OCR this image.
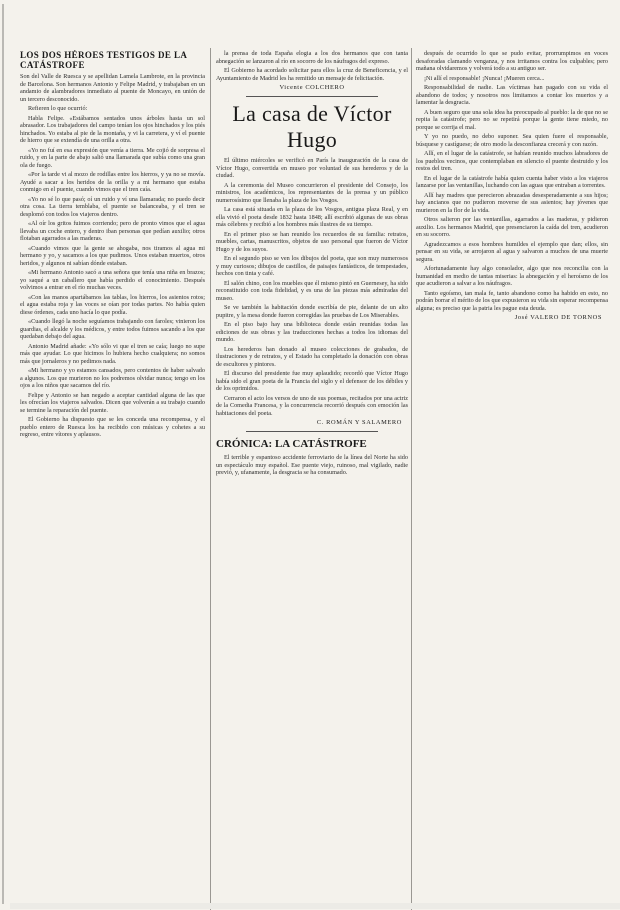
LOS DOS HÉROES TESTIGOS DE LA CATÁSTROFE

Son del Valle de Ruesca y se apellidan Lamela Lambrote, en la provincia de Barcelona. Son hermanos Antonio y Felipe Madrid, y trabajaban en un andamio de alambradores inmediato al puente de Moncayo, en unión de un tercero desconocido.

Refieren lo que ocurrió:

Habla Felipe. «Estábamos sentados unos árboles hasta un sol abrasador. Los trabajadores del campo tenían los ojos hinchados y los piés hinchados. Yo estaba al pie de la montaña, y vi la carretera, y ví el puente de hierro que se extendía de una orilla a otra.

«Yo no fuí en esa expresión que venía a tierra. Me cojió de sorpresa el ruido, y en la parte de abajo salió una llamarada que subía como una gran ola de fuego.

«Por la tarde vi al mozo de rodillas entre los hierros, y ya no se movía. Ayudé a sacar a los heridos de la orilla y a mi hermano que estaba conmigo en el puente, cuando vimos que el tren caía.

«Yo no sé lo que pasó; oí un ruido y ví una llamarada; no puedo decir otra cosa. La tierra temblaba, el puente se balanceaba, y el tren se desplomó con todos los viajeros dentro.

«Al oír los gritos fuimos corriendo; pero de pronto vimos que el agua llevaba un coche entero, y dentro iban personas que pedían auxilio; otros flotaban agarrados a las maderas.

«Cuando vimos que la gente se ahogaba, nos tiramos al agua mi hermano y yo, y sacamos a los que pudimos. Unos estaban muertos, otros heridos, y algunos ni sabían dónde estaban.

«Mi hermano Antonio sacó a una señora que tenía una niña en brazos; yo saqué a un caballero que había perdido el conocimiento. Después volvimos a entrar en el río muchas veces.

«Con las manos apartábamos las tablas, los hierros, los asientos rotos; el agua estaba roja y las voces se oían por todas partes. No había quien diese órdenes, cada uno hacía lo que podía.

«Cuando llegó la noche seguíamos trabajando con faroles; vinieron los guardias, el alcalde y los médicos, y entre todos fuimos sacando a los que quedaban debajo del agua.

Antonio Madrid añade: «Yo sólo vi que el tren se caía; luego no supe más que ayudar. Lo que hicimos lo hubiera hecho cualquiera; no somos más que jornaleros y no pedimos nada.

«Mi hermano y yo estamos cansados, pero contentos de haber salvado a algunos. Los que murieron no los podremos olvidar nunca; tengo en los ojos a los niños que sacamos del río.

Felipe y Antonio se han negado a aceptar cantidad alguna de las que les ofrecían los viajeros salvados. Dicen que volverán a su trabajo cuando se termine la reparación del puente.

El Gobierno ha dispuesto que se les conceda una recompensa, y el pueblo entero de Ruesca los ha recibido con músicas y cohetes a su regreso, entre vítores y aplausos.

la prensa de toda España elogia a los dos hermanos que con tanta abnegación se lanzaron al río en socorro de los náufragos del expreso.

El Gobierno ha acordado solicitar para ellos la cruz de Beneficencia, y el Ayuntamiento de Madrid les ha remitido un mensaje de felicitación.

Vicente COLCHERO
La casa de Víctor Hugo

El último miércoles se verificó en París la inauguración de la casa de Víctor Hugo, convertida en museo por voluntad de sus herederos y de la ciudad.

A la ceremonia del Museo concurrieron el presidente del Consejo, los ministros, los académicos, los representantes de la prensa y un público numerosísimo que llenaba la plaza de los Vosgos.

La casa está situada en la plaza de los Vosgos, antigua plaza Real, y en ella vivió el poeta desde 1832 hasta 1848; allí escribió algunas de sus obras más célebres y recibió a los hombres más ilustres de su tiempo.

En el primer piso se han reunido los recuerdos de su familia: retratos, muebles, cartas, manuscritos, objetos de uso personal que fueron de Víctor Hugo y de los suyos.

En el segundo piso se ven los dibujos del poeta, que son muy numerosos y muy curiosos; dibujos de castillos, de paisajes fantásticos, de tempestades, hechos con tinta y café.

El salón chino, con los muebles que él mismo pintó en Guernesey, ha sido reconstituido con toda fidelidad, y es una de las piezas más admiradas del museo.

Se ve también la habitación donde escribía de pie, delante de un alto pupitre, y la mesa donde fueron corregidas las pruebas de Los Miserables.

En el piso bajo hay una biblioteca donde están reunidas todas las ediciones de sus obras y las traducciones hechas a todos los idiomas del mundo.

Los herederos han donado al museo colecciones de grabados, de ilustraciones y de retratos, y el Estado ha completado la donación con obras de escultores y pintores.

El discurso del presidente fue muy aplaudido; recordó que Víctor Hugo había sido el gran poeta de la Francia del siglo y el defensor de los débiles y de los oprimidos.

Cerraron el acto los versos de uno de sus poemas, recitados por una actriz de la Comedia Francesa, y la concurrencia recorrió después con emoción las habitaciones del poeta.

C. ROMÁN Y SALAMERO
CRÓNICA: LA CATÁSTROFE

El terrible y espantoso accidente ferroviario de la línea del Norte ha sido un espectáculo muy español. Ese puente viejo, ruinoso, mal vigilado, nadie previó, y, ufanamente, la desgracia se ha consumado.

después de ocurrido lo que se pudo evitar, prorrumpimos en voces desaforadas clamando venganza, y nos irritamos contra los culpables; pero mañana olvidaremos y volverá todo a su antiguo ser.

¡Ni allí el responsable! ¡Nunca! ¡Mueren cerca...

Responsabilidad de nadie. Las víctimas han pagado con su vida el abandono de todos; y nosotros nos limitamos a contar los muertos y a lamentar la desgracia.

A buen seguro que una sola idea ha preocupado al pueblo: la de que no se repita la catástrofe; pero no se repetirá porque la gente tiene miedo, no porque se corrija el mal.

Y yo no puedo, no debo suponer. Sea quien fuere el responsable, búsquese y castíguese; de otro modo la desconfianza crecerá y con razón.

Allí, en el lugar de la catástrofe, se habían reunido muchos labradores de los pueblos vecinos, que contemplaban en silencio el puente destruido y los restos del tren.

En el lugar de la catástrofe había quien cuenta haber visto a los viajeros lanzarse por las ventanillas, luchando con las aguas que entraban a torrentes.

Allí hay madres que perecieron abrazadas desesperadamente a sus hijos; hay ancianos que no pudieron moverse de sus asientos; hay jóvenes que murieron en la flor de la vida.

Otros salieron por las ventanillas, agarrados a las maderas, y pidieron auxilio. Los hermanos Madrid, que presenciaron la caída del tren, acudieron en su socorro.

Agradezcamos a esos hombres humildes el ejemplo que dan; ellos, sin pensar en su vida, se arrojaron al agua y salvaron a muchos de una muerte segura.

Afortunadamente hay algo consolador, algo que nos reconcilia con la humanidad en medio de tantas miserias: la abnegación y el heroísmo de los que acudieron a salvar a los náufragos.

Tanto egoísmo, tan mala fe, tanto abandono como ha habido en esto, no podrán borrar el mérito de los que expusieron su vida sin esperar recompensa alguna; es preciso que la patria les pague esta deuda.

José VALERO DE TORNOS
